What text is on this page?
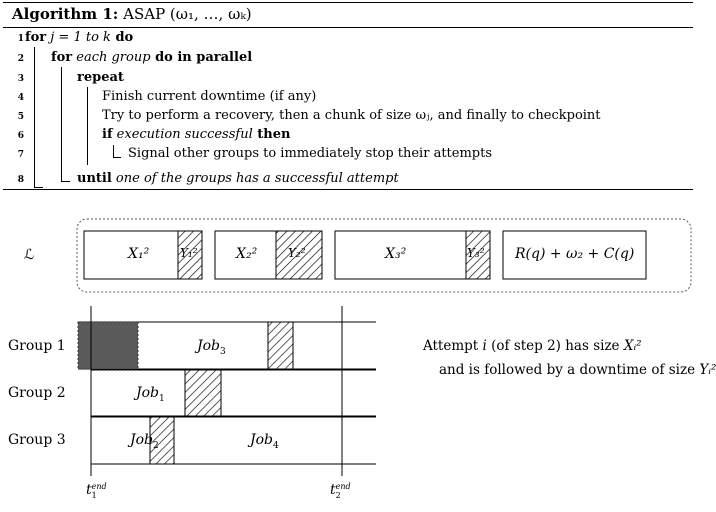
Algorithm 1: ASAP (ω₁, …, ωₖ)
1 for j = 1 to k do
2 for each group do in parallel
3	repeat
4	Finish current downtime (if any)
5	Try to perform a recovery, then a chunk of size ωⱼ, and finally to checkpoint
6	if execution successful then
7	Signal other groups to immediately stop their attempts
8	until one of the groups has a successful attempt
ℒ	X₁²	Y₁²	X₂²	Y₂²	X₃²	Y₃² R(q) + ω₂ + C(q)
Group 1
Group 2
Group 3
Job$_3$
Job$_1$
Job$_2$	Job$_4$
t end
1	t end
2
Attempt i (of step 2) has size Xᵢ²
and is followed by a downtime of size Yᵢ²
